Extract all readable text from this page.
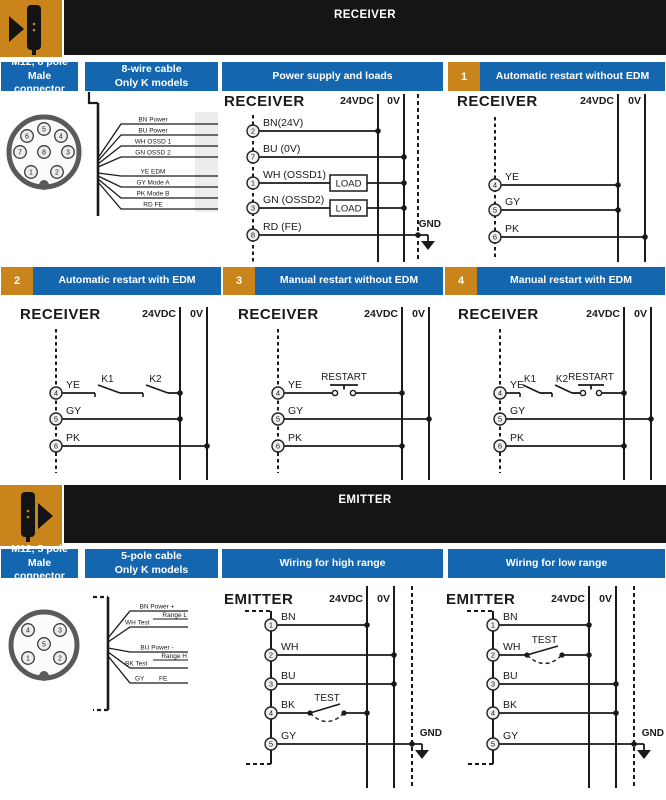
RECEIVER
M12, 8 pole
Male connector
8-wire cable
Only K models
Power supply and loads	1	Automatic restart without EDM
5
6	4
7	8	3
1	2
BN Power
BU Power
WH OSSD 1
GN OSSD 2
YE EDM
GY Mode A
PK Mode B
RD FE
RECEIVER	24VDC 0V
BN(24V)
2
BU (0V)
7
LOAD
WH (OSSD1)
1
LOAD
GN (OSSD2)
3
GND
RD (FE)
8
RECEIVER	24VDC 0V
YE
4
GY
5
PK
6
2	Automatic restart with EDM	3	Manual restart without EDM	4	Manual restart with EDM
RECEIVER	24VDC 0V
K1	K2
YE
4
GY
5
PK
6
RECEIVER	24VDC 0V
RESTART
YE
4
GY
5
PK
6
RECEIVER	24VDC 0V
K1 K2 RESTART
YE
4
GY
5
PK
6
EMITTER
M12, 5 pole
Male connector
5-pole cable
Only K models
Wiring for high range	Wiring for low range
4	3
5
1	2
BN Power +
Range L
WH Test
BU Power -
Range H
BK Test
GY FE
EMITTER	24VDC 0V
BN
1
WH
2
BU
3
TEST
BK
4
GND
GY
5
EMITTER	24VDC 0V
BN
1
TEST
WH
2
BU
3
BK
4
GND
GY
5
